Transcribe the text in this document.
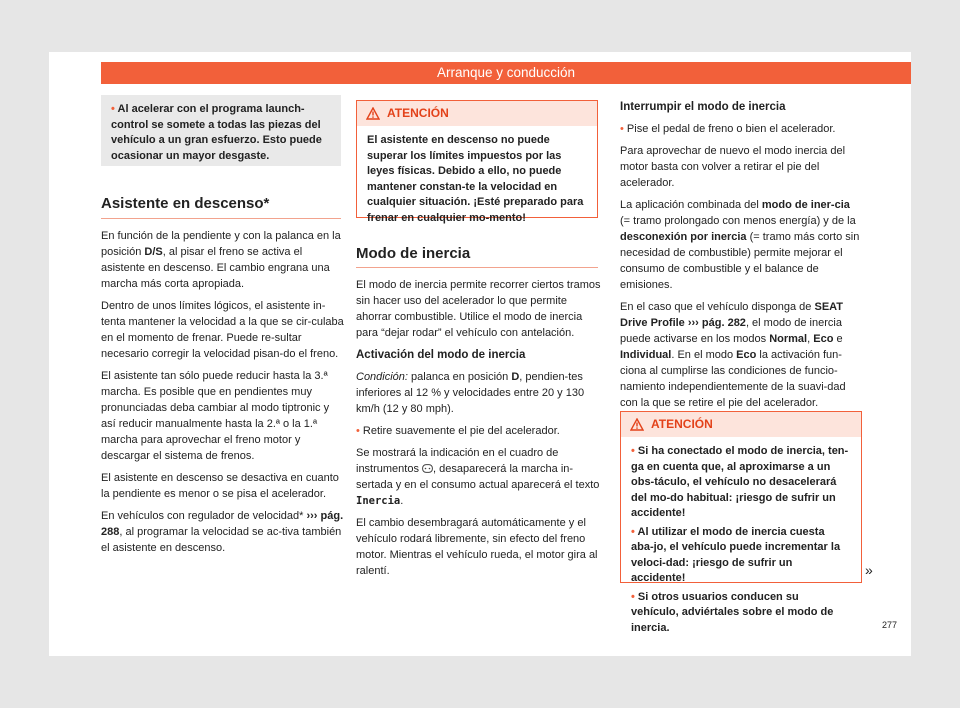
Arranque y conducción

• Al acelerar con el programa launch-control se somete a todas las piezas del vehículo a un gran esfuerzo. Esto puede ocasionar un mayor desgaste.

Asistente en descenso*

En función de la pendiente y con la palanca en la posición D/S, al pisar el freno se activa el asistente en descenso. El cambio engrana una marcha más corta apropiada.

Dentro de unos límites lógicos, el asistente in-tenta mantener la velocidad a la que se cir-culaba en el momento de frenar. Puede re-sultar necesario corregir la velocidad pisan-do el freno.

El asistente tan sólo puede reducir hasta la 3.ª marcha. Es posible que en pendientes muy pronunciadas deba cambiar al modo tiptronic y así reducir manualmente hasta la 2.ª o la 1.ª marcha para aprovechar el freno motor y descargar el sistema de frenos.

El asistente en descenso se desactiva en cuanto la pendiente es menor o se pisa el acelerador.

En vehículos con regulador de velocidad* ››› pág. 288, al programar la velocidad se ac-tiva también el asistente en descenso.

ATENCIÓN
El asistente en descenso no puede superar los límites impuestos por las leyes físicas. Debido a ello, no puede mantener constan-te la velocidad en cualquier situación. ¡Esté preparado para frenar en cualquier mo-mento!
Modo de inercia

El modo de inercia permite recorrer ciertos tramos sin hacer uso del acelerador lo que permite ahorrar combustible. Utilice el modo de inercia para “dejar rodar” el vehículo con antelación.

Activación del modo de inercia

Condición: palanca en posición D, pendien-tes inferiores al 12 % y velocidades entre 20 y 130 km/h (12 y 80 mph).

• Retire suavemente el pie del acelerador.

Se mostrará la indicación en el cuadro de instrumentos , desaparecerá la marcha in-sertada y en el consumo actual aparecerá el texto Inercia.

El cambio desembragará automáticamente y el vehículo rodará libremente, sin efecto del freno motor. Mientras el vehículo rueda, el motor gira al ralentí.

Interrumpir el modo de inercia

• Pise el pedal de freno o bien el acelerador.

Para aprovechar de nuevo el modo inercia del motor basta con volver a retirar el pie del acelerador.

La aplicación combinada del modo de iner-cia (= tramo prolongado con menos energía) y de la desconexión por inercia (= tramo más corto sin necesidad de combustible) permite mejorar el consumo de combustible y el balance de emisiones.

En el caso que el vehículo disponga de SEAT Drive Profile ››› pág. 282, el modo de inercia puede activarse en los modos Normal, Eco e Individual. En el modo Eco la activación fun-ciona al cumplirse las condiciones de funcio-namiento independientemente de la suavi-dad con la que se retire el pie del acelerador.

ATENCIÓN

• Si ha conectado el modo de inercia, ten-ga en cuenta que, al aproximarse a un obs-táculo, el vehículo no desacelerará del mo-do habitual: ¡riesgo de sufrir un accidente!

• Al utilizar el modo de inercia cuesta aba-jo, el vehículo puede incrementar la veloci-dad: ¡riesgo de sufrir un accidente!

• Si otros usuarios conducen su vehículo, adviértales sobre el modo de inercia.

»
277
